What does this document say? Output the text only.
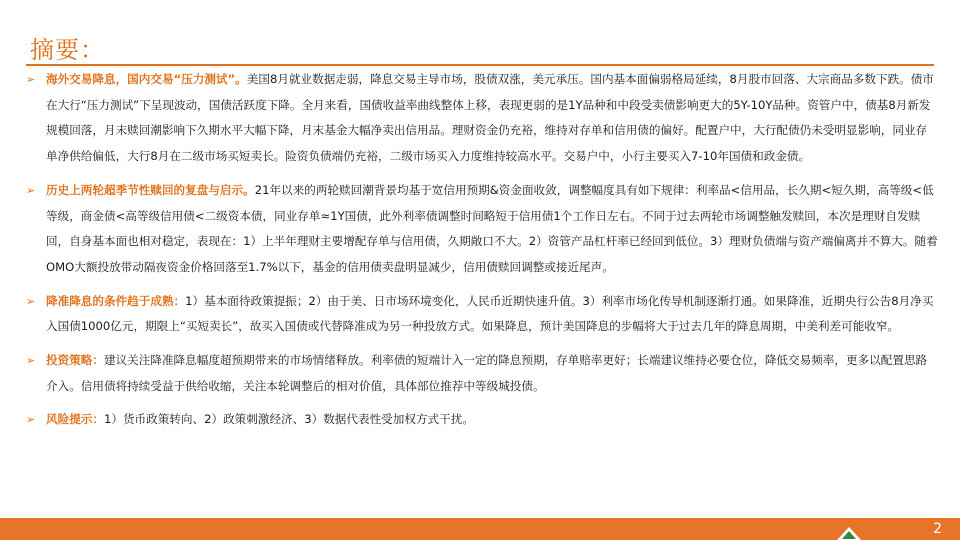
摘要：
➢ 海外交易降息，国内交易“压力测试”。美国8月就业数据走弱，降息交易主导市场，股债双涨，美元承压。国内基本面偏弱格局延续，8月股市回落、大宗商品多数下跌。债市在大行“压力测试”下呈现波动，国债活跃度下降。全月来看，国债收益率曲线整体上移，表现更弱的是1Y品种和中段受卖债影响更大的5Y-10Y品种。资管户中，债基8月新发规模回落，月末赎回潮影响下久期水平大幅下降，月末基金大幅净卖出信用品。理财资金仍充裕，维持对存单和信用债的偏好。配置户中，大行配债仍未受明显影响，同业存单净供给偏低，大行8月在二级市场买短卖长。险资负债端仍充裕，二级市场买入力度维持较高水平。交易户中，小行主要买入7-10年国债和政金债。
➢ 历史上两轮超季节性赎回的复盘与启示。21年以来的两轮赎回潮背景均基于宽信用预期&资金面收敛，调整幅度具有如下规律：利率品<信用品，长久期<短久期，高等级<低等级，商金债<高等级信用债<二级资本债，同业存单≈1Y国债，此外利率债调整时间略短于信用债1个工作日左右。不同于过去两轮市场调整触发赎回，本次是理财自发赎回，自身基本面也相对稳定，表现在：1）上半年理财主要增配存单与信用债，久期敞口不大。2）资管产品杠杆率已经回到低位。3）理财负债端与资产端偏离并不算大。随着OMO大额投放带动隔夜资金价格回落至1.7%以下，基金的信用债卖盘明显减少，信用债赎回调整或接近尾声。
➢ 降准降息的条件趋于成熟：1）基本面待政策提振；2）由于美、日市场环境变化，人民币近期快速升值。3）利率市场化传导机制逐渐打通。如果降准，近期央行公告8月净买入国债1000亿元，期限上“买短卖长”，故买入国债或代替降准成为另一种投放方式。如果降息，预计美国降息的步幅将大于过去几年的降息周期，中美利差可能收窄。
➢ 投资策略：建议关注降准降息幅度超预期带来的市场情绪释放。利率债的短端计入一定的降息预期，存单赔率更好；长端建议维持必要仓位，降低交易频率，更多以配置思路介入。信用债将持续受益于供给收缩，关注本轮调整后的相对价值，具体部位推荐中等级城投债。
➢ 风险提示：1）货币政策转向、2）政策刺激经济、3）数据代表性受加权方式干扰。
2
